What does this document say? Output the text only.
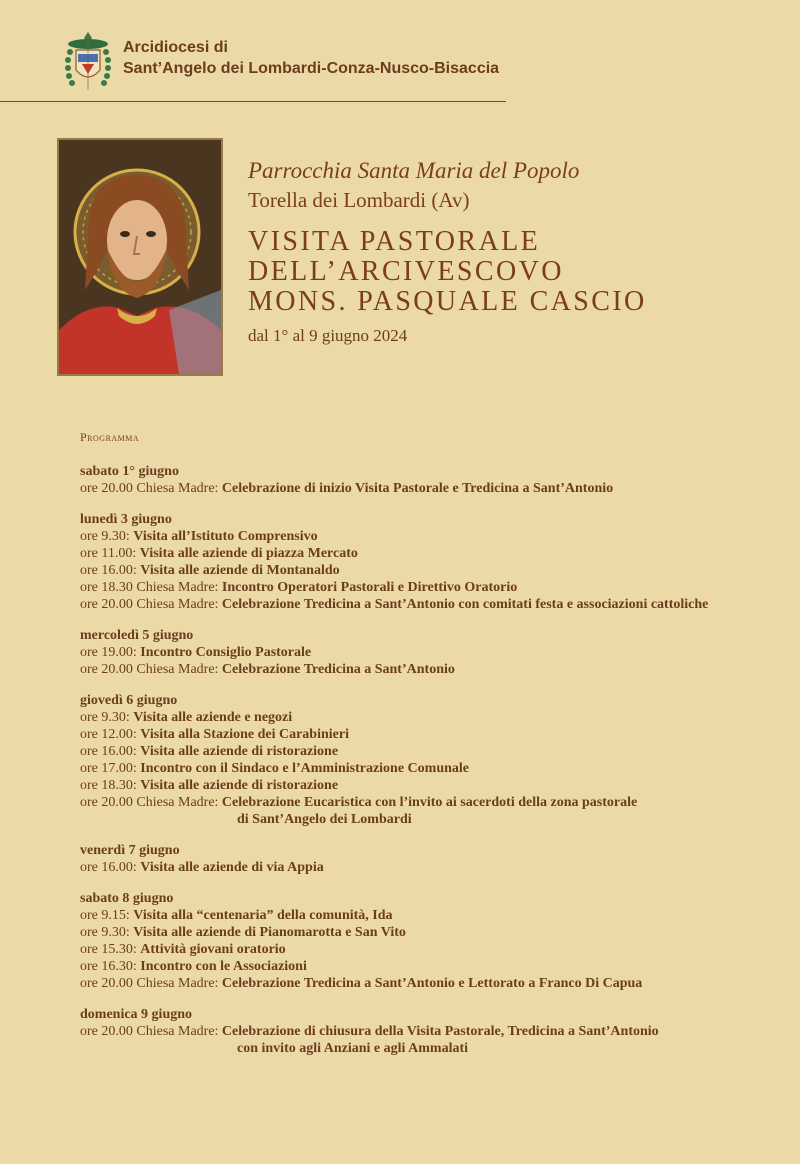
Arcidiocesi di
Sant’Angelo dei Lombardi-Conza-Nusco-Bisaccia
Parrocchia Santa Maria del Popolo
Torella dei Lombardi (Av)
VISITA PASTORALE
DELL’ARCIVESCOVO
MONS. PASQUALE CASCIO
dal 1° al 9 giugno 2024
Programma
sabato 1° giugno
ore 20.00 Chiesa Madre: Celebrazione di inizio Visita Pastorale e Tredicina a Sant’Antonio
lunedì 3 giugno
ore 9.30: Visita all’Istituto Comprensivo
ore 11.00: Visita alle aziende di piazza Mercato
ore 16.00: Visita alle aziende di Montanaldo
ore 18.30 Chiesa Madre: Incontro Operatori Pastorali e Direttivo Oratorio
ore 20.00 Chiesa Madre: Celebrazione Tredicina a Sant’Antonio con comitati festa e associazioni cattoliche
mercoledì 5 giugno
ore 19.00: Incontro Consiglio Pastorale
ore 20.00 Chiesa Madre: Celebrazione Tredicina a Sant’Antonio
giovedì 6 giugno
ore 9.30: Visita alle aziende e negozi
ore 12.00: Visita alla Stazione dei Carabinieri
ore 16.00: Visita alle aziende di ristorazione
ore 17.00: Incontro con il Sindaco e l’Amministrazione Comunale
ore 18.30: Visita alle aziende di ristorazione
ore 20.00 Chiesa Madre: Celebrazione Eucaristica con l’invito ai sacerdoti della zona pastorale
di Sant’Angelo dei Lombardi
venerdì 7 giugno
ore 16.00: Visita alle aziende di via Appia
sabato 8 giugno
ore 9.15: Visita alla “centenaria” della comunità, Ida
ore 9.30: Visita alle aziende di Pianomarotta e San Vito
ore 15.30: Attività giovani oratorio
ore 16.30: Incontro con le Associazioni
ore 20.00 Chiesa Madre: Celebrazione Tredicina a Sant’Antonio e Lettorato a Franco Di Capua
domenica 9 giugno
ore 20.00 Chiesa Madre: Celebrazione di chiusura della Visita Pastorale, Tredicina a Sant’Antonio
con invito agli Anziani e agli Ammalati
